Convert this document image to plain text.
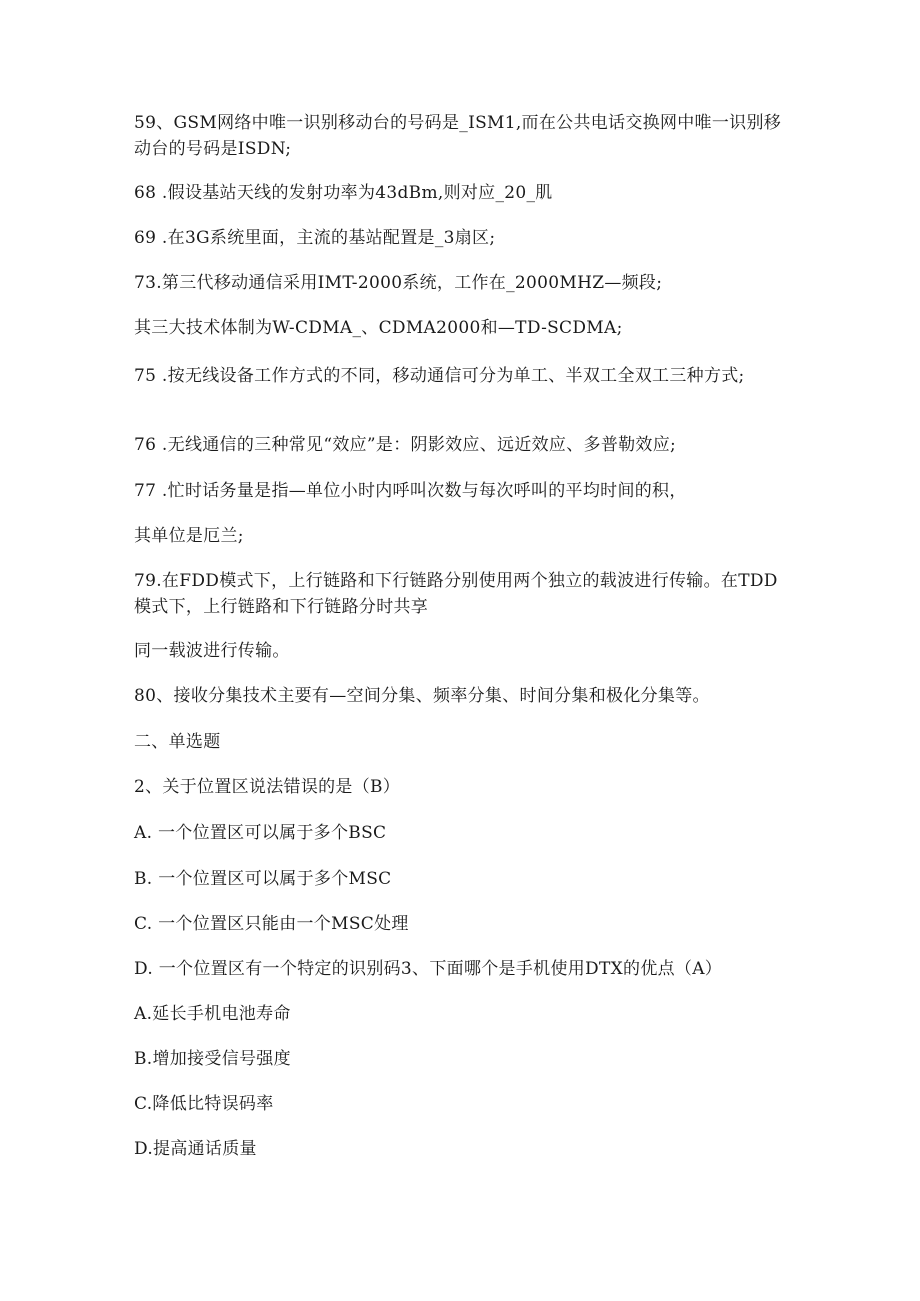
59、GSM网络中唯一识别移动台的号码是_ISM1,而在公共电话交换网中唯一识别移动台的号码是ISDN;
68 .假设基站天线的发射功率为43dBm,则对应_20_肌
69 .在3G系统里面，主流的基站配置是_3扇区;
73.第三代移动通信采用IMT-2000系统，工作在_2000MHZ—频段;
其三大技术体制为W-CDMA_、CDMA2000和—TD-SCDMA;
75 .按无线设备工作方式的不同，移动通信可分为单工、半双工全双工三种方式;
76 .无线通信的三种常见“效应”是：阴影效应、远近效应、多普勒效应;
77 .忙时话务量是指—单位小时内呼叫次数与每次呼叫的平均时间的积，
其单位是厄兰;
79.在FDD模式下，上行链路和下行链路分别使用两个独立的载波进行传输。在TDD模式下，上行链路和下行链路分时共享
同一载波进行传输。
80、接收分集技术主要有—空间分集、频率分集、时间分集和极化分集等。
二、单选题
2、关于位置区说法错误的是（B）
A. 一个位置区可以属于多个BSC
B. 一个位置区可以属于多个MSC
C. 一个位置区只能由一个MSC处理
D. 一个位置区有一个特定的识别码3、下面哪个是手机使用DTX的优点（A）
A.延长手机电池寿命
B.增加接受信号强度
C.降低比特误码率
D.提高通话质量
